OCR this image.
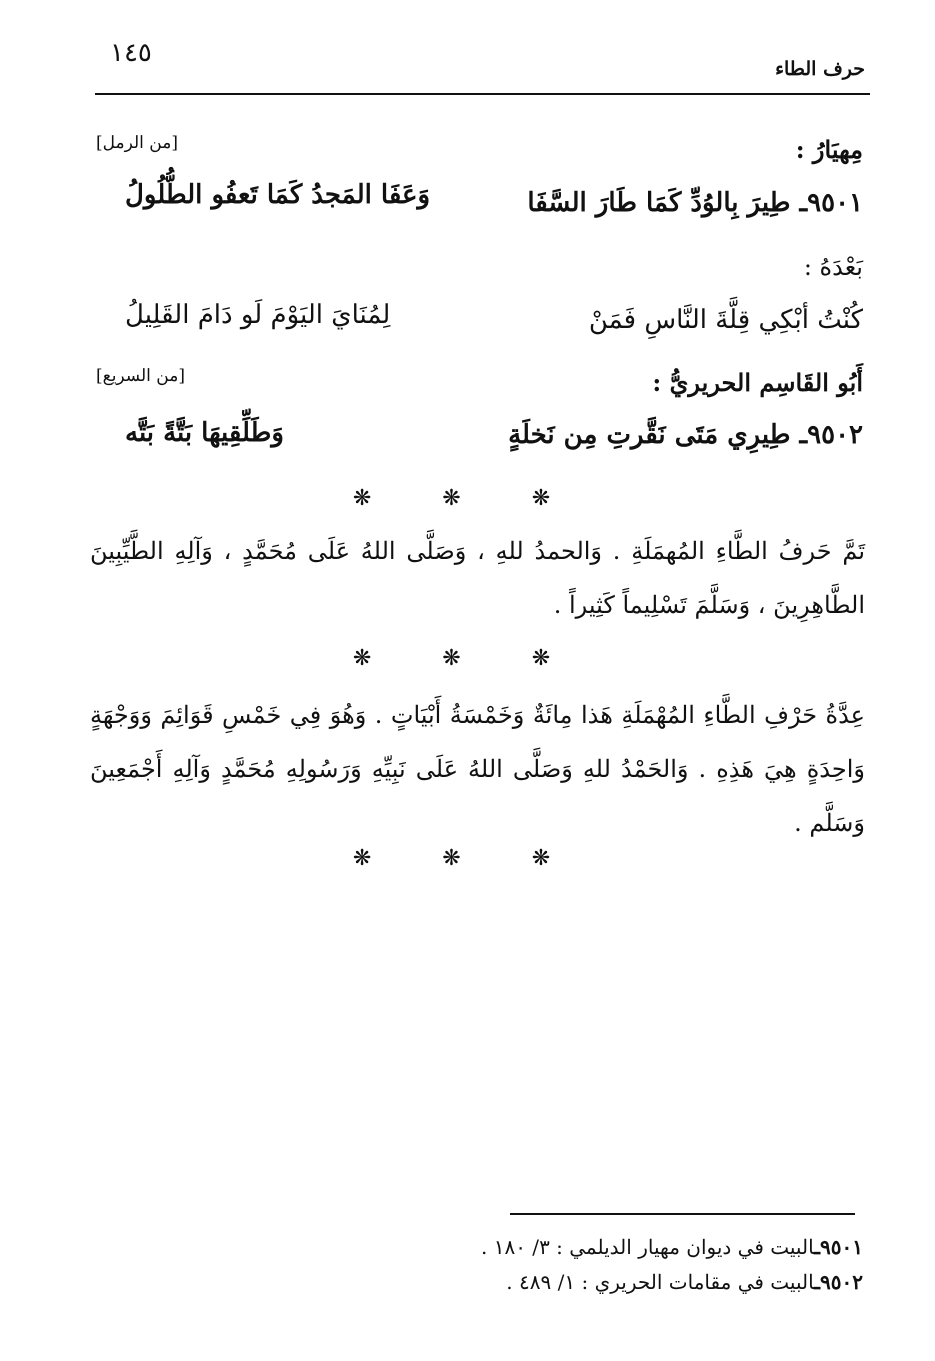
١٤٥
حرف الطاء
مِهيَارُ :
[من الرمل]
٩٥٠١ـ طِيرَ بِالوُدِّ كَمَا طَارَ السَّفَا
وَعَفَا المَجدُ كَمَا تَعفُو الطُّلُولُ
بَعْدَهُ :
كُنْتُ أبْكِي قِلَّةَ النَّاسِ فَمَنْ
لِمُنَايَ اليَوْمَ لَو دَامَ القَلِيلُ
أَبُو القَاسِم الحريريُّ :
[من السريع]
٩٥٠٢ـ طِيرِي مَتَى نَقَّرتِ مِن نَخلَةٍ
وَطَلِّقِيهَا بَتَّةً بَتَّه
❋ ❋ ❋
تَمَّ حَرفُ الطَّاءِ المُهمَلَةِ . وَالحمدُ للهِ ، وَصَلَّى اللهُ عَلَى مُحَمَّدٍ ، وَآلِهِ الطَّيِّبِينَ الطَّاهِرِينَ ، وَسَلَّمَ تَسْلِيماً كَثِيراً .
❋ ❋ ❋
عِدَّةُ حَرْفِ الطَّاءِ المُهْمَلَةِ هَذا مِائَةٌ وَخَمْسَةُ أَبْيَاتٍ . وَهُوَ فِي خَمْسِ قَوَائِمَ وَوَجْهَةٍ وَاحِدَةٍ هِيَ هَذِهِ . وَالحَمْدُ للهِ وَصَلَّى اللهُ عَلَى نَبِيِّهِ وَرَسُولِهِ مُحَمَّدٍ وَآلِهِ أَجْمَعِينَ وَسَلَّم .
❋ ❋ ❋
٩٥٠١ـالبيت في ديوان مهيار الديلمي : ٣/ ١٨٠ .
٩٥٠٢ـالبيت في مقامات الحريري : ١/ ٤٨٩ .
